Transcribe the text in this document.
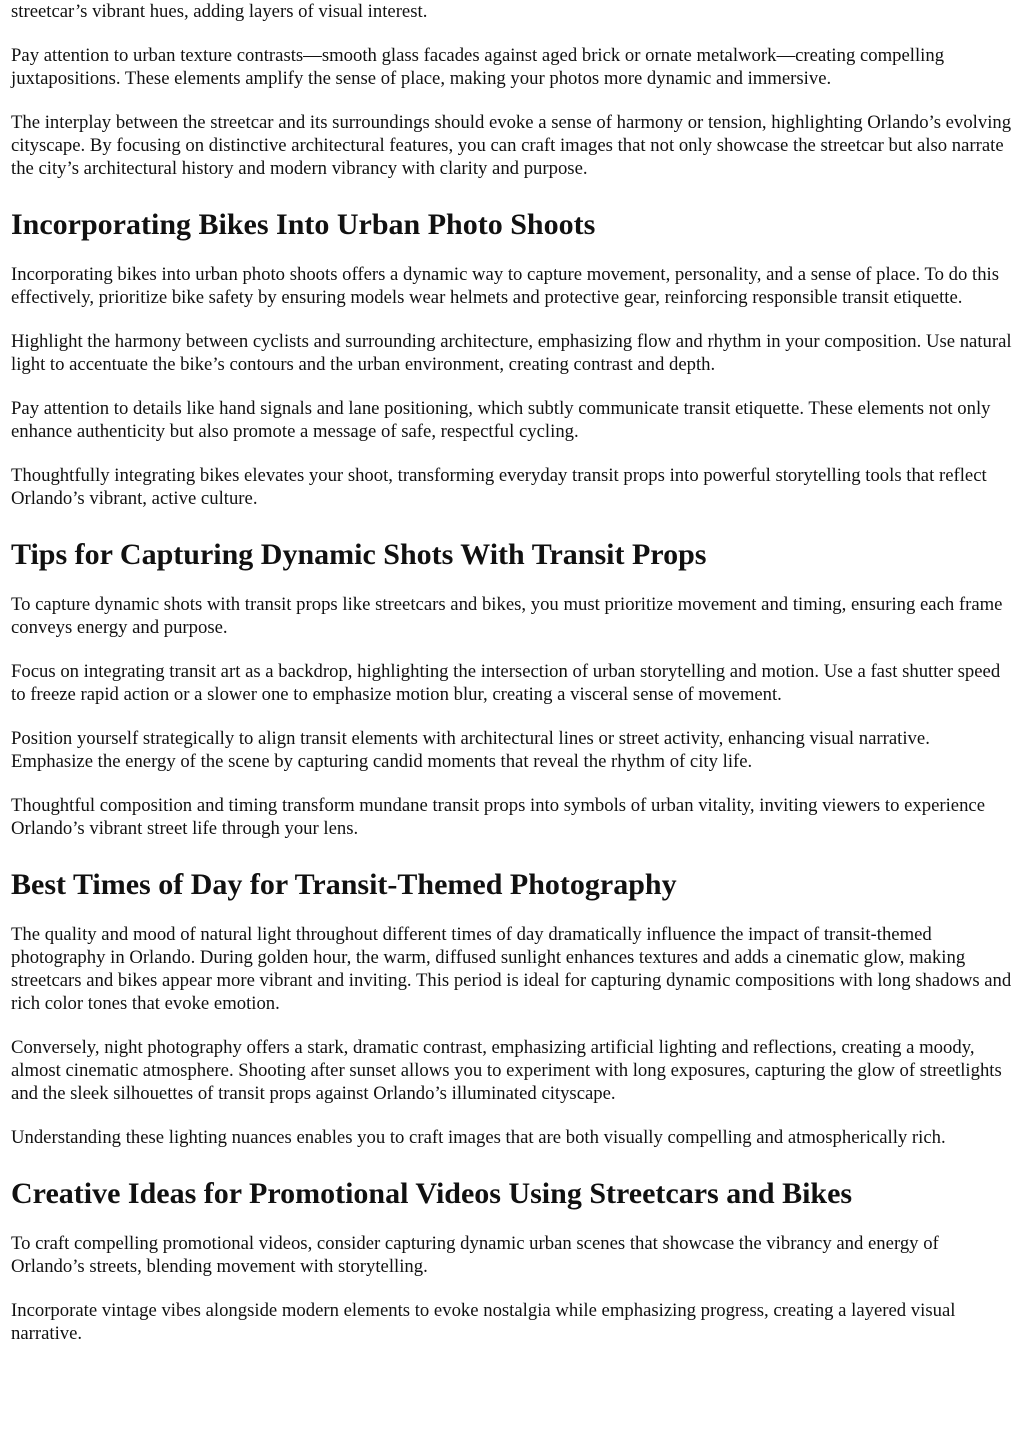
streetcar’s vibrant hues, adding layers of visual interest.

Pay attention to urban texture contrasts—smooth glass facades against aged brick or ornate metalwork—creating compelling juxtapositions. These elements amplify the sense of place, making your photos more dynamic and immersive.

The interplay between the streetcar and its surroundings should evoke a sense of harmony or tension, highlighting Orlando’s evolving cityscape. By focusing on distinctive architectural features, you can craft images that not only showcase the streetcar but also narrate the city’s architectural history and modern vibrancy with clarity and purpose.

Incorporating Bikes Into Urban Photo Shoots

Incorporating bikes into urban photo shoots offers a dynamic way to capture movement, personality, and a sense of place. To do this effectively, prioritize bike safety by ensuring models wear helmets and protective gear, reinforcing responsible transit etiquette.

Highlight the harmony between cyclists and surrounding architecture, emphasizing flow and rhythm in your composition. Use natural light to accentuate the bike’s contours and the urban environment, creating contrast and depth.

Pay attention to details like hand signals and lane positioning, which subtly communicate transit etiquette. These elements not only enhance authenticity but also promote a message of safe, respectful cycling.

Thoughtfully integrating bikes elevates your shoot, transforming everyday transit props into powerful storytelling tools that reflect Orlando’s vibrant, active culture.

Tips for Capturing Dynamic Shots With Transit Props

To capture dynamic shots with transit props like streetcars and bikes, you must prioritize movement and timing, ensuring each frame conveys energy and purpose.

Focus on integrating transit art as a backdrop, highlighting the intersection of urban storytelling and motion. Use a fast shutter speed to freeze rapid action or a slower one to emphasize motion blur, creating a visceral sense of movement.

Position yourself strategically to align transit elements with architectural lines or street activity, enhancing visual narrative. Emphasize the energy of the scene by capturing candid moments that reveal the rhythm of city life.

Thoughtful composition and timing transform mundane transit props into symbols of urban vitality, inviting viewers to experience Orlando’s vibrant street life through your lens.

Best Times of Day for Transit-Themed Photography

The quality and mood of natural light throughout different times of day dramatically influence the impact of transit-themed photography in Orlando. During golden hour, the warm, diffused sunlight enhances textures and adds a cinematic glow, making streetcars and bikes appear more vibrant and inviting. This period is ideal for capturing dynamic compositions with long shadows and rich color tones that evoke emotion.

Conversely, night photography offers a stark, dramatic contrast, emphasizing artificial lighting and reflections, creating a moody, almost cinematic atmosphere. Shooting after sunset allows you to experiment with long exposures, capturing the glow of streetlights and the sleek silhouettes of transit props against Orlando’s illuminated cityscape.

Understanding these lighting nuances enables you to craft images that are both visually compelling and atmospherically rich.

Creative Ideas for Promotional Videos Using Streetcars and Bikes

To craft compelling promotional videos, consider capturing dynamic urban scenes that showcase the vibrancy and energy of Orlando’s streets, blending movement with storytelling.

Incorporate vintage vibes alongside modern elements to evoke nostalgia while emphasizing progress, creating a layered visual narrative.
